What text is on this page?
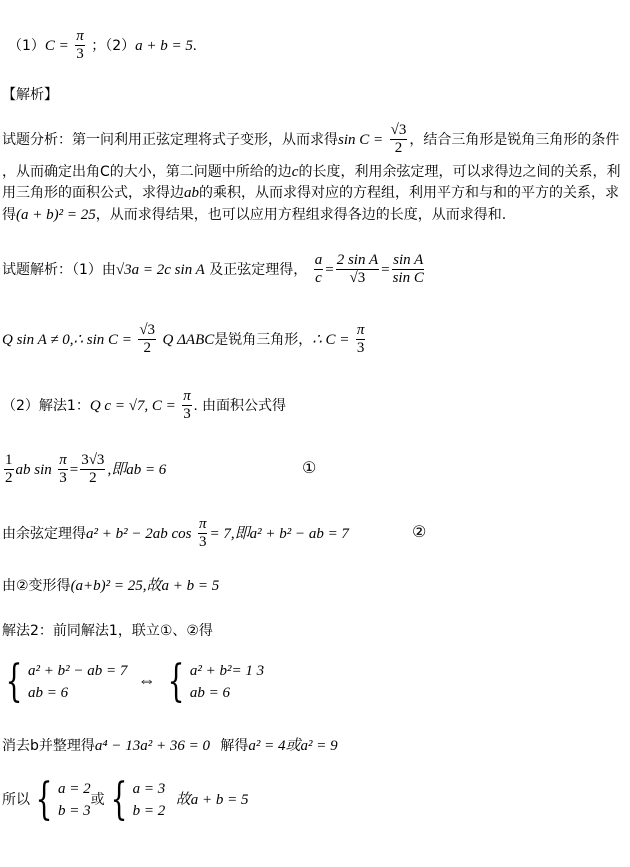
$(1)C = \frac{\pi}{3}$ ；（2）a + b = 5.
【解析】
试题分析：第一问利用正弦定理将式子变形，从而求得$\sin C = \frac{√3}{2}$ ，结合三角形是锐角三角形的条件
，从而确定出角C的大小，第二问题中所给的边c的长度，利用余弦定理，可以求得边之间的关系，利
用三角形的面积公式，求得边ab的乘积，从而求得对应的方程组，利用平方和与和的平方的关系，求
得(a + b)² = 25，从而求得结果，也可以应用方程组求得各边的长度，从而求得和.
试题解析：（1）由√3a = 2c sin A 及正弦定理得， $\frac{a}{c} = \frac{\text{2 sin A}}{√3} = \frac{\text{sin A}}{\text{sin C}}$
Q sin A ≠ 0,∴ $\sin C = \frac{√3}{2}$ Q ΔABC是锐角三角形，∴ $C = \frac{\pi}{3}$
（2）解法1：Q c = √7, $C = \frac{\pi}{3}$ . 由面积公式得
$\frac{1}{2}$ ab $\sin \frac{\pi}{3} = \frac{3√3}{2}$ ,即ab = 6	①
由余弦定理得a² + b² − 2ab $\cos \frac{\pi}{3} = 7$,即a² + b² − ab = 7	②
由②变形得(a+b)² = 25,故a + b = 5
解法2：前同解法1，联立①、②得
{ a² + b² − ab = 7
ab = 6
⇔ { a² + b²= 1 3
ab = 6
消去b并整理得a⁴ − 13a² + 36 = 0 解得a² = 4或a² = 9
所以 { a = 2
b = 3
或 { a = 3
b = 2
故a + b = 5
